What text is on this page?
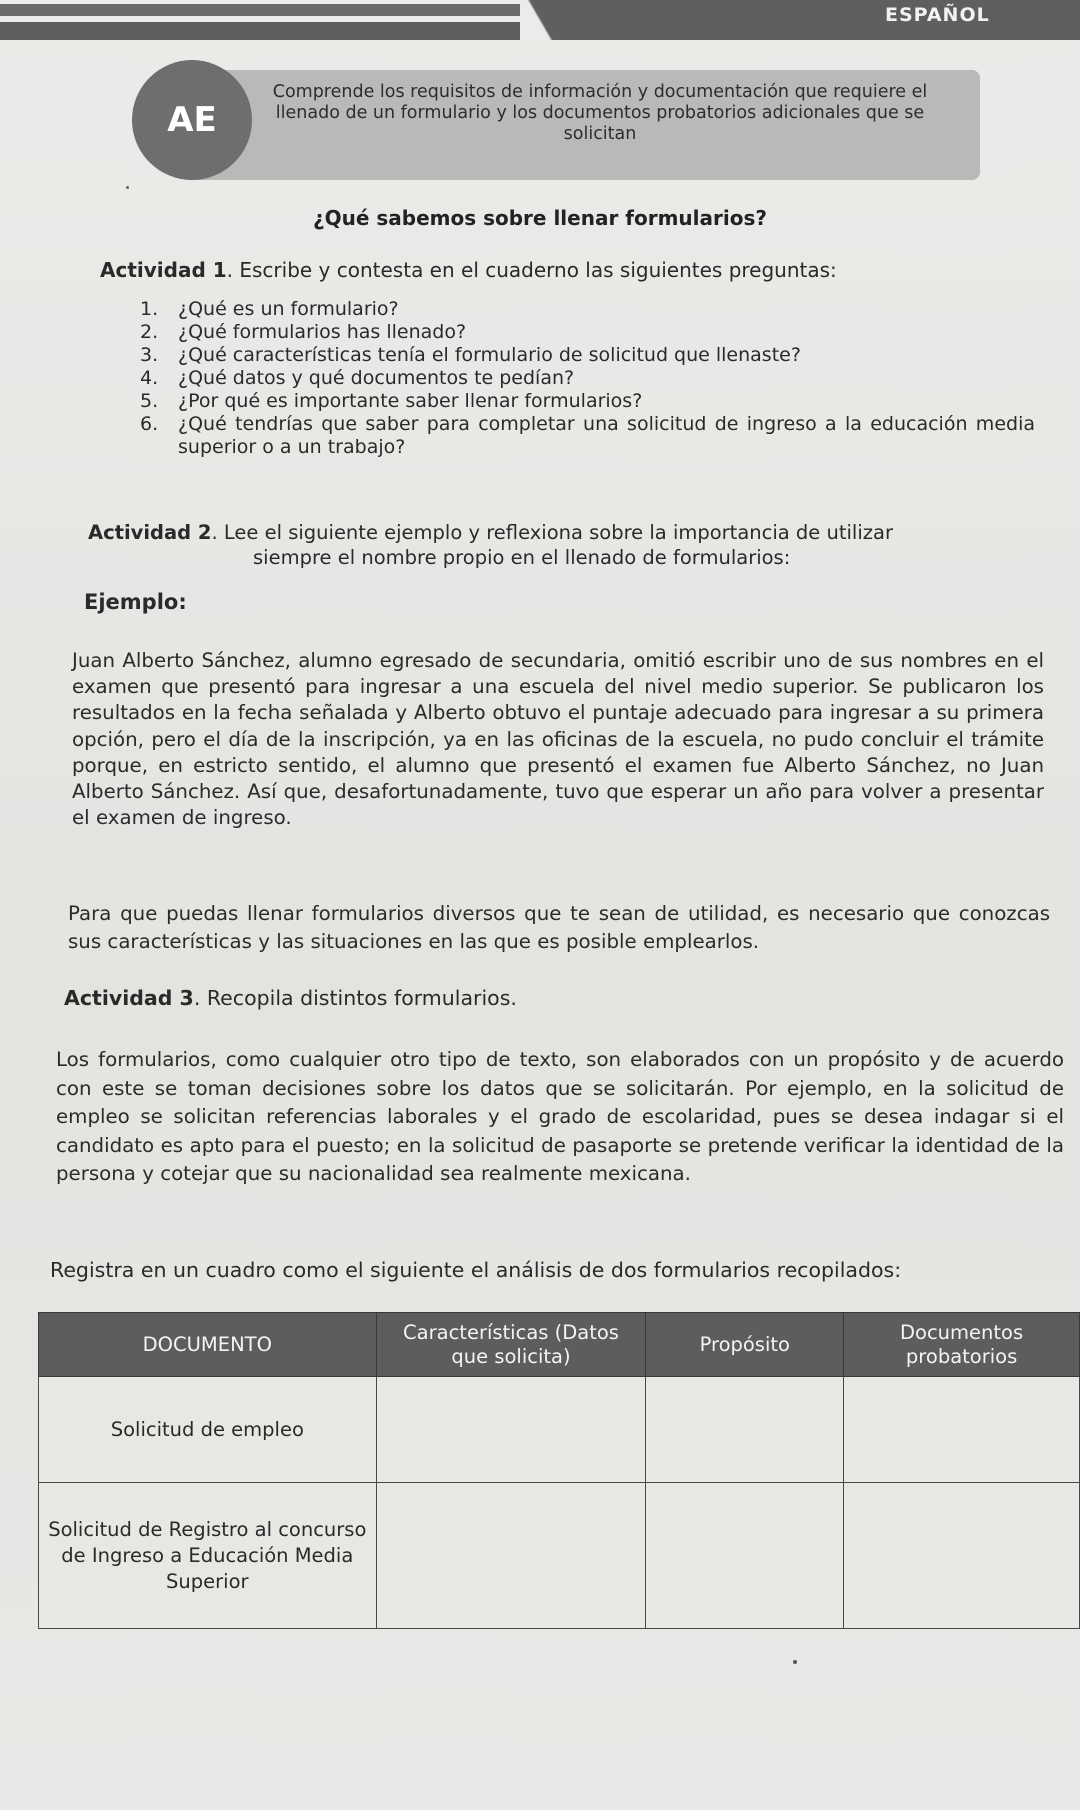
ESPAÑOL
AE
Comprende los requisitos de información y documentación que requiere el llenado de un formulario y los documentos probatorios adicionales que se solicitan
¿Qué sabemos sobre llenar formularios?
Actividad 1. Escribe y contesta en el cuaderno las siguientes preguntas:
1.	¿Qué es un formulario?
2.	¿Qué formularios has llenado?
3.	¿Qué características tenía el formulario de solicitud que llenaste?
4.	¿Qué datos y qué documentos te pedían?
5.	¿Por qué es importante saber llenar formularios?
6.	¿Qué tendrías que saber para completar una solicitud de ingreso a la educación media superior o a un trabajo?
Actividad 2. Lee el siguiente ejemplo y reflexiona sobre la importancia de utilizar
siempre el nombre propio en el llenado de formularios:
Ejemplo:

Juan Alberto Sánchez, alumno egresado de secundaria, omitió escribir uno de sus nombres en el examen que presentó para ingresar a una escuela del nivel medio superior. Se publicaron los resultados en la fecha señalada y Alberto obtuvo el puntaje adecuado para ingresar a su primera opción, pero el día de la inscripción, ya en las oficinas de la escuela, no pudo concluir el trámite porque, en estricto sentido, el alumno que presentó el examen fue Alberto Sánchez, no Juan Alberto Sánchez. Así que, desafortunadamente, tuvo que esperar un año para volver a presentar el examen de ingreso.

Para que puedas llenar formularios diversos que te sean de utilidad, es necesario que conozcas sus características y las situaciones en las que es posible emplearlos.

Actividad 3. Recopila distintos formularios.

Los formularios, como cualquier otro tipo de texto, son elaborados con un propósito y de acuerdo con este se toman decisiones sobre los datos que se solicitarán. Por ejemplo, en la solicitud de empleo se solicitan referencias laborales y el grado de escolaridad, pues se desea indagar si el candidato es apto para el puesto; en la solicitud de pasaporte se pretende verificar la identidad de la persona y cotejar que su nacionalidad sea realmente mexicana.

Registra en un cuadro como el siguiente el análisis de dos formularios recopilados:
DOCUMENTO	Características (Datos que solicita)	Propósito	Documentos probatorios
Solicitud de empleo			
Solicitud de Registro al concurso de Ingreso a Educación Media Superior			
